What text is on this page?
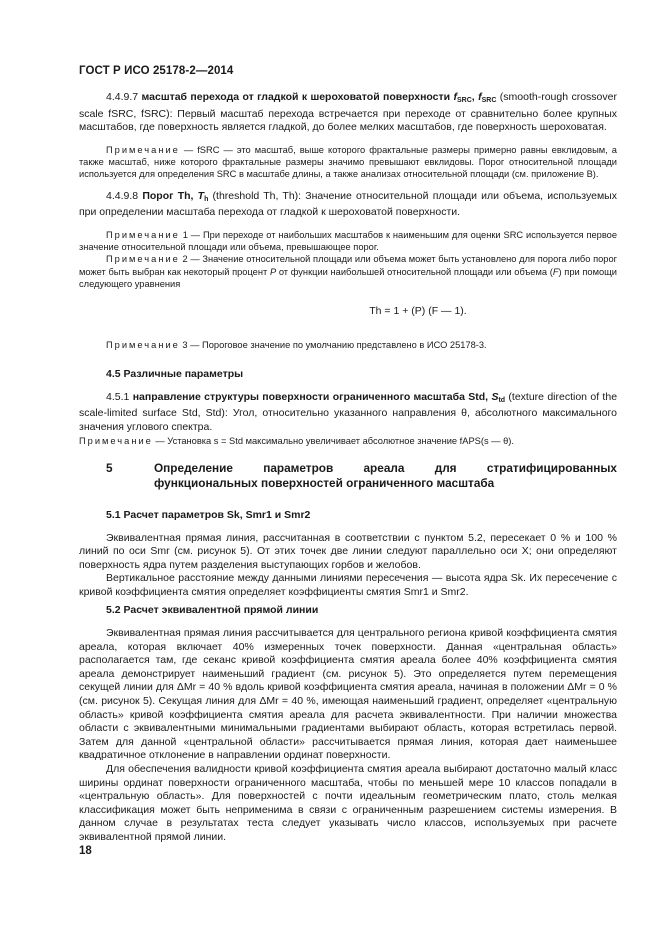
ГОСТ Р ИСО 25178-2—2014

4.4.9.7 масштаб перехода от гладкой к шероховатой поверхности $f_{SRC}$, $f_{SRC}$ (smooth-rough crossover scale fSRC, fSRC): Первый масштаб перехода встречается при переходе от сравнительно более крупных масштабов, где поверхность является гладкой, до более мелких масштабов, где поверхность шероховатая.

Примечание — fSRC — это масштаб, выше которого фрактальные размеры примерно равны евклидовым, а также масштаб, ниже которого фрактальные размеры значимо превышают евклидовы. Порог относительной площади используется для определения SRC в масштабе длины, а также анализах относительной площади (см. приложение В).

4.4.9.8 Порог Th, $T_h$ (threshold Th, Th): Значение относительной площади или объема, используемых при определении масштаба перехода от гладкой к шероховатой поверхности.

Примечание 1 — При переходе от наибольших масштабов к наименьшим для оценки SRC используется первое значение относительной площади или объема, превышающее порог.

Примечание 2 — Значение относительной площади или объема может быть установлено для порога либо порог может быть выбран как некоторый процент P от функции наибольшей относительной площади или объема (F) при помощи следующего уравнения

Th = 1 + (P) (F — 1).

Примечание 3 — Пороговое значение по умолчанию представлено в ИСО 25178-3.

4.5 Различные параметры

4.5.1 направление структуры поверхности ограниченного масштаба Std, $S_{td}$ (texture direction of the scale-limited surface Std, Std): Угол, относительно указанного направления θ, абсолютного максимального значения углового спектра.

Примечание — Установка s = Std максимально увеличивает абсолютное значение fAPS(s — θ).

5	Определение параметров ареала для стратифицированных
функциональных поверхностей ограниченного масштаба

5.1 Расчет параметров Sk, Smr1 и Smr2

Эквивалентная прямая линия, рассчитанная в соответствии с пунктом 5.2, пересекает 0 % и 100 % линий по оси Smr (см. рисунок 5). От этих точек две линии следуют параллельно оси X; они определяют поверхность ядра путем разделения выступающих горбов и желобов.

Вертикальное расстояние между данными линиями пересечения — высота ядра Sk. Их пересечение с кривой коэффициента смятия определяет коэффициенты смятия Smr1 и Smr2.

5.2 Расчет эквивалентной прямой линии

Эквивалентная прямая линия рассчитывается для центрального региона кривой коэффициента смятия ареала, которая включает 40% измеренных точек поверхности. Данная «центральная область» располагается там, где секанс кривой коэффициента смятия ареала более 40% коэффициента смятия ареала демонстрирует наименьший градиент (см. рисунок 5). Это определяется путем перемещения секущей линии для ΔMr = 40 % вдоль кривой коэффициента смятия ареала, начиная в положении ΔMr = 0 % (см. рисунок 5). Секущая линия для ΔMr = 40 %, имеющая наименьший градиент, определяет «центральную область» кривой коэффициента смятия ареала для расчета эквивалентности. При наличии множества области с эквивалентными минимальными градиентами выбирают область, которая встретилась первой. Затем для данной «центральной области» рассчитывается прямая линия, которая дает наименьшее квадратичное отклонение в направлении ординат поверхности.

Для обеспечения валидности кривой коэффициента смятия ареала выбирают достаточно малый класс ширины ординат поверхности ограниченного масштаба, чтобы по меньшей мере 10 классов попадали в «центральную область». Для поверхностей с почти идеальным геометрическим плато, столь мелкая классификация может быть неприменима в связи с ограниченным разрешением системы измерения. В данном случае в результатах теста следует указывать число классов, используемых при расчете эквивалентной прямой линии.

18
